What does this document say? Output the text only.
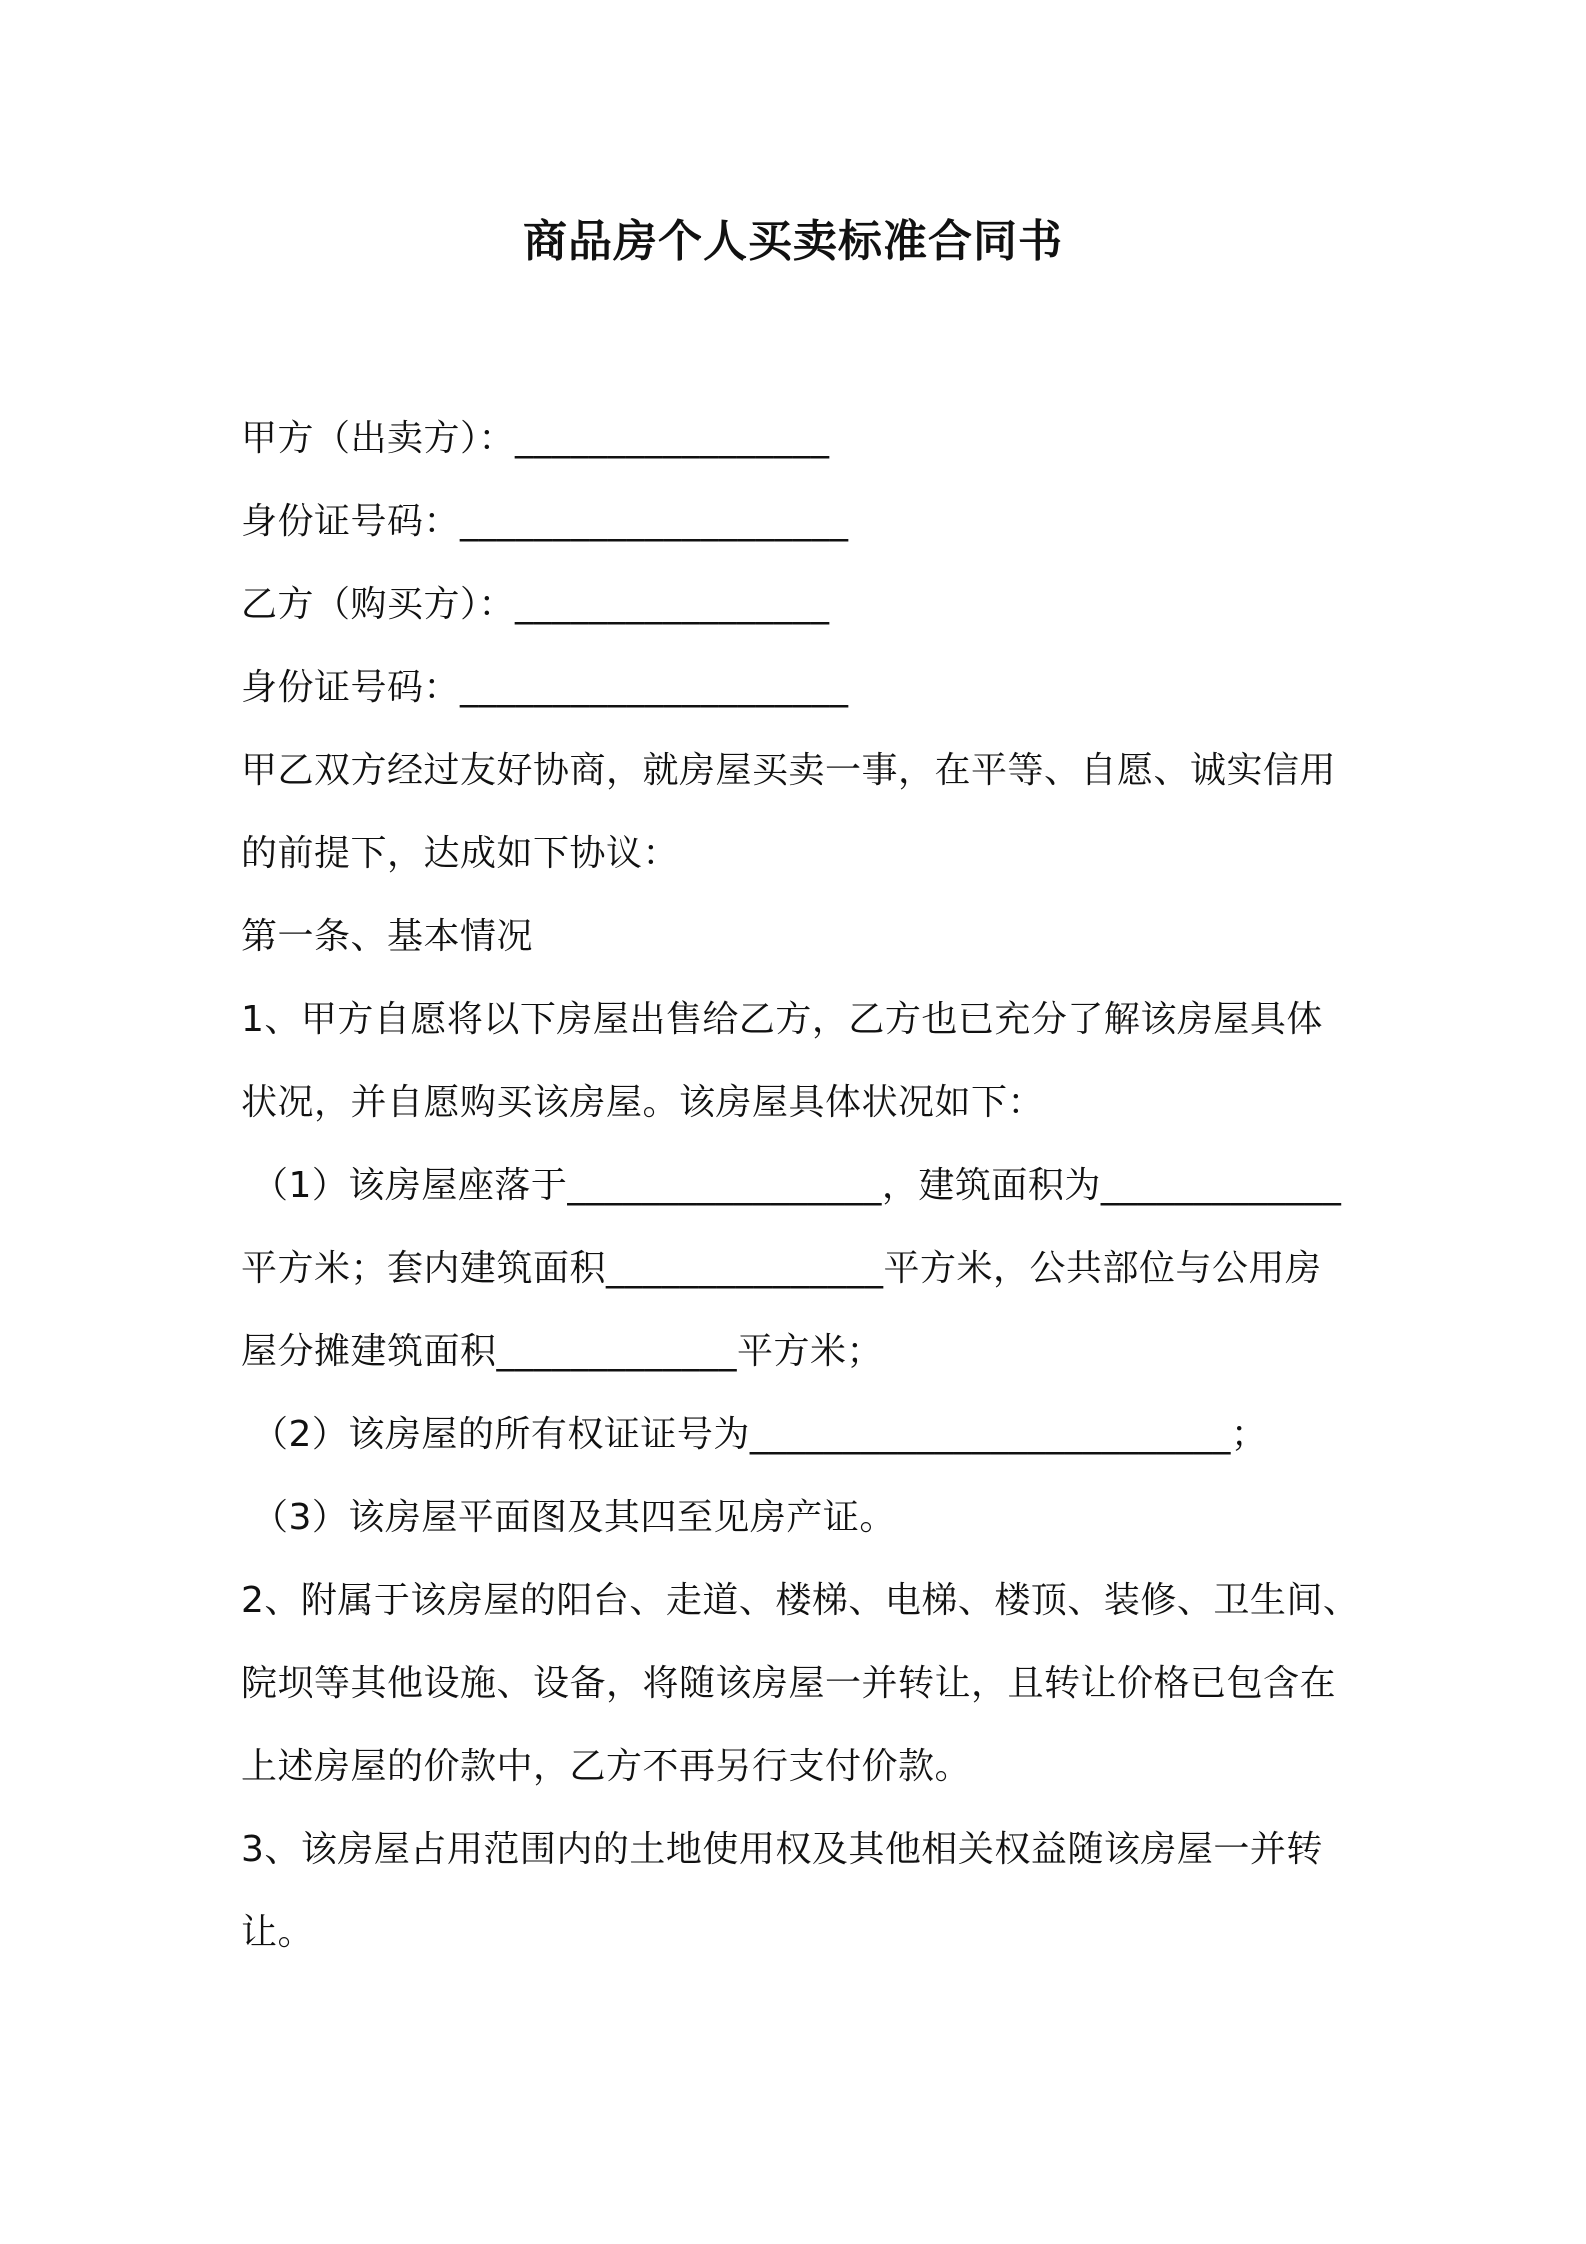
商品房个人买卖标准合同书
甲方（出卖方）：_________________
身份证号码：_____________________
乙方（购买方）：_________________
身份证号码：_____________________
甲乙双方经过友好协商，就房屋买卖一事，在平等、自愿、诚实信用
的前提下，达成如下协议：
第一条、基本情况
1、甲方自愿将以下房屋出售给乙方，乙方也已充分了解该房屋具体
状况，并自愿购买该房屋。该房屋具体状况如下：
（1）该房屋座落于_________________，建筑面积为_____________
平方米；套内建筑面积_______________平方米，公共部位与公用房
屋分摊建筑面积_____________平方米；
（2）该房屋的所有权证证号为__________________________；
（3）该房屋平面图及其四至见房产证。
2、附属于该房屋的阳台、走道、楼梯、电梯、楼顶、装修、卫生间、
院坝等其他设施、设备，将随该房屋一并转让，且转让价格已包含在
上述房屋的价款中，乙方不再另行支付价款。
3、该房屋占用范围内的土地使用权及其他相关权益随该房屋一并转
让。
